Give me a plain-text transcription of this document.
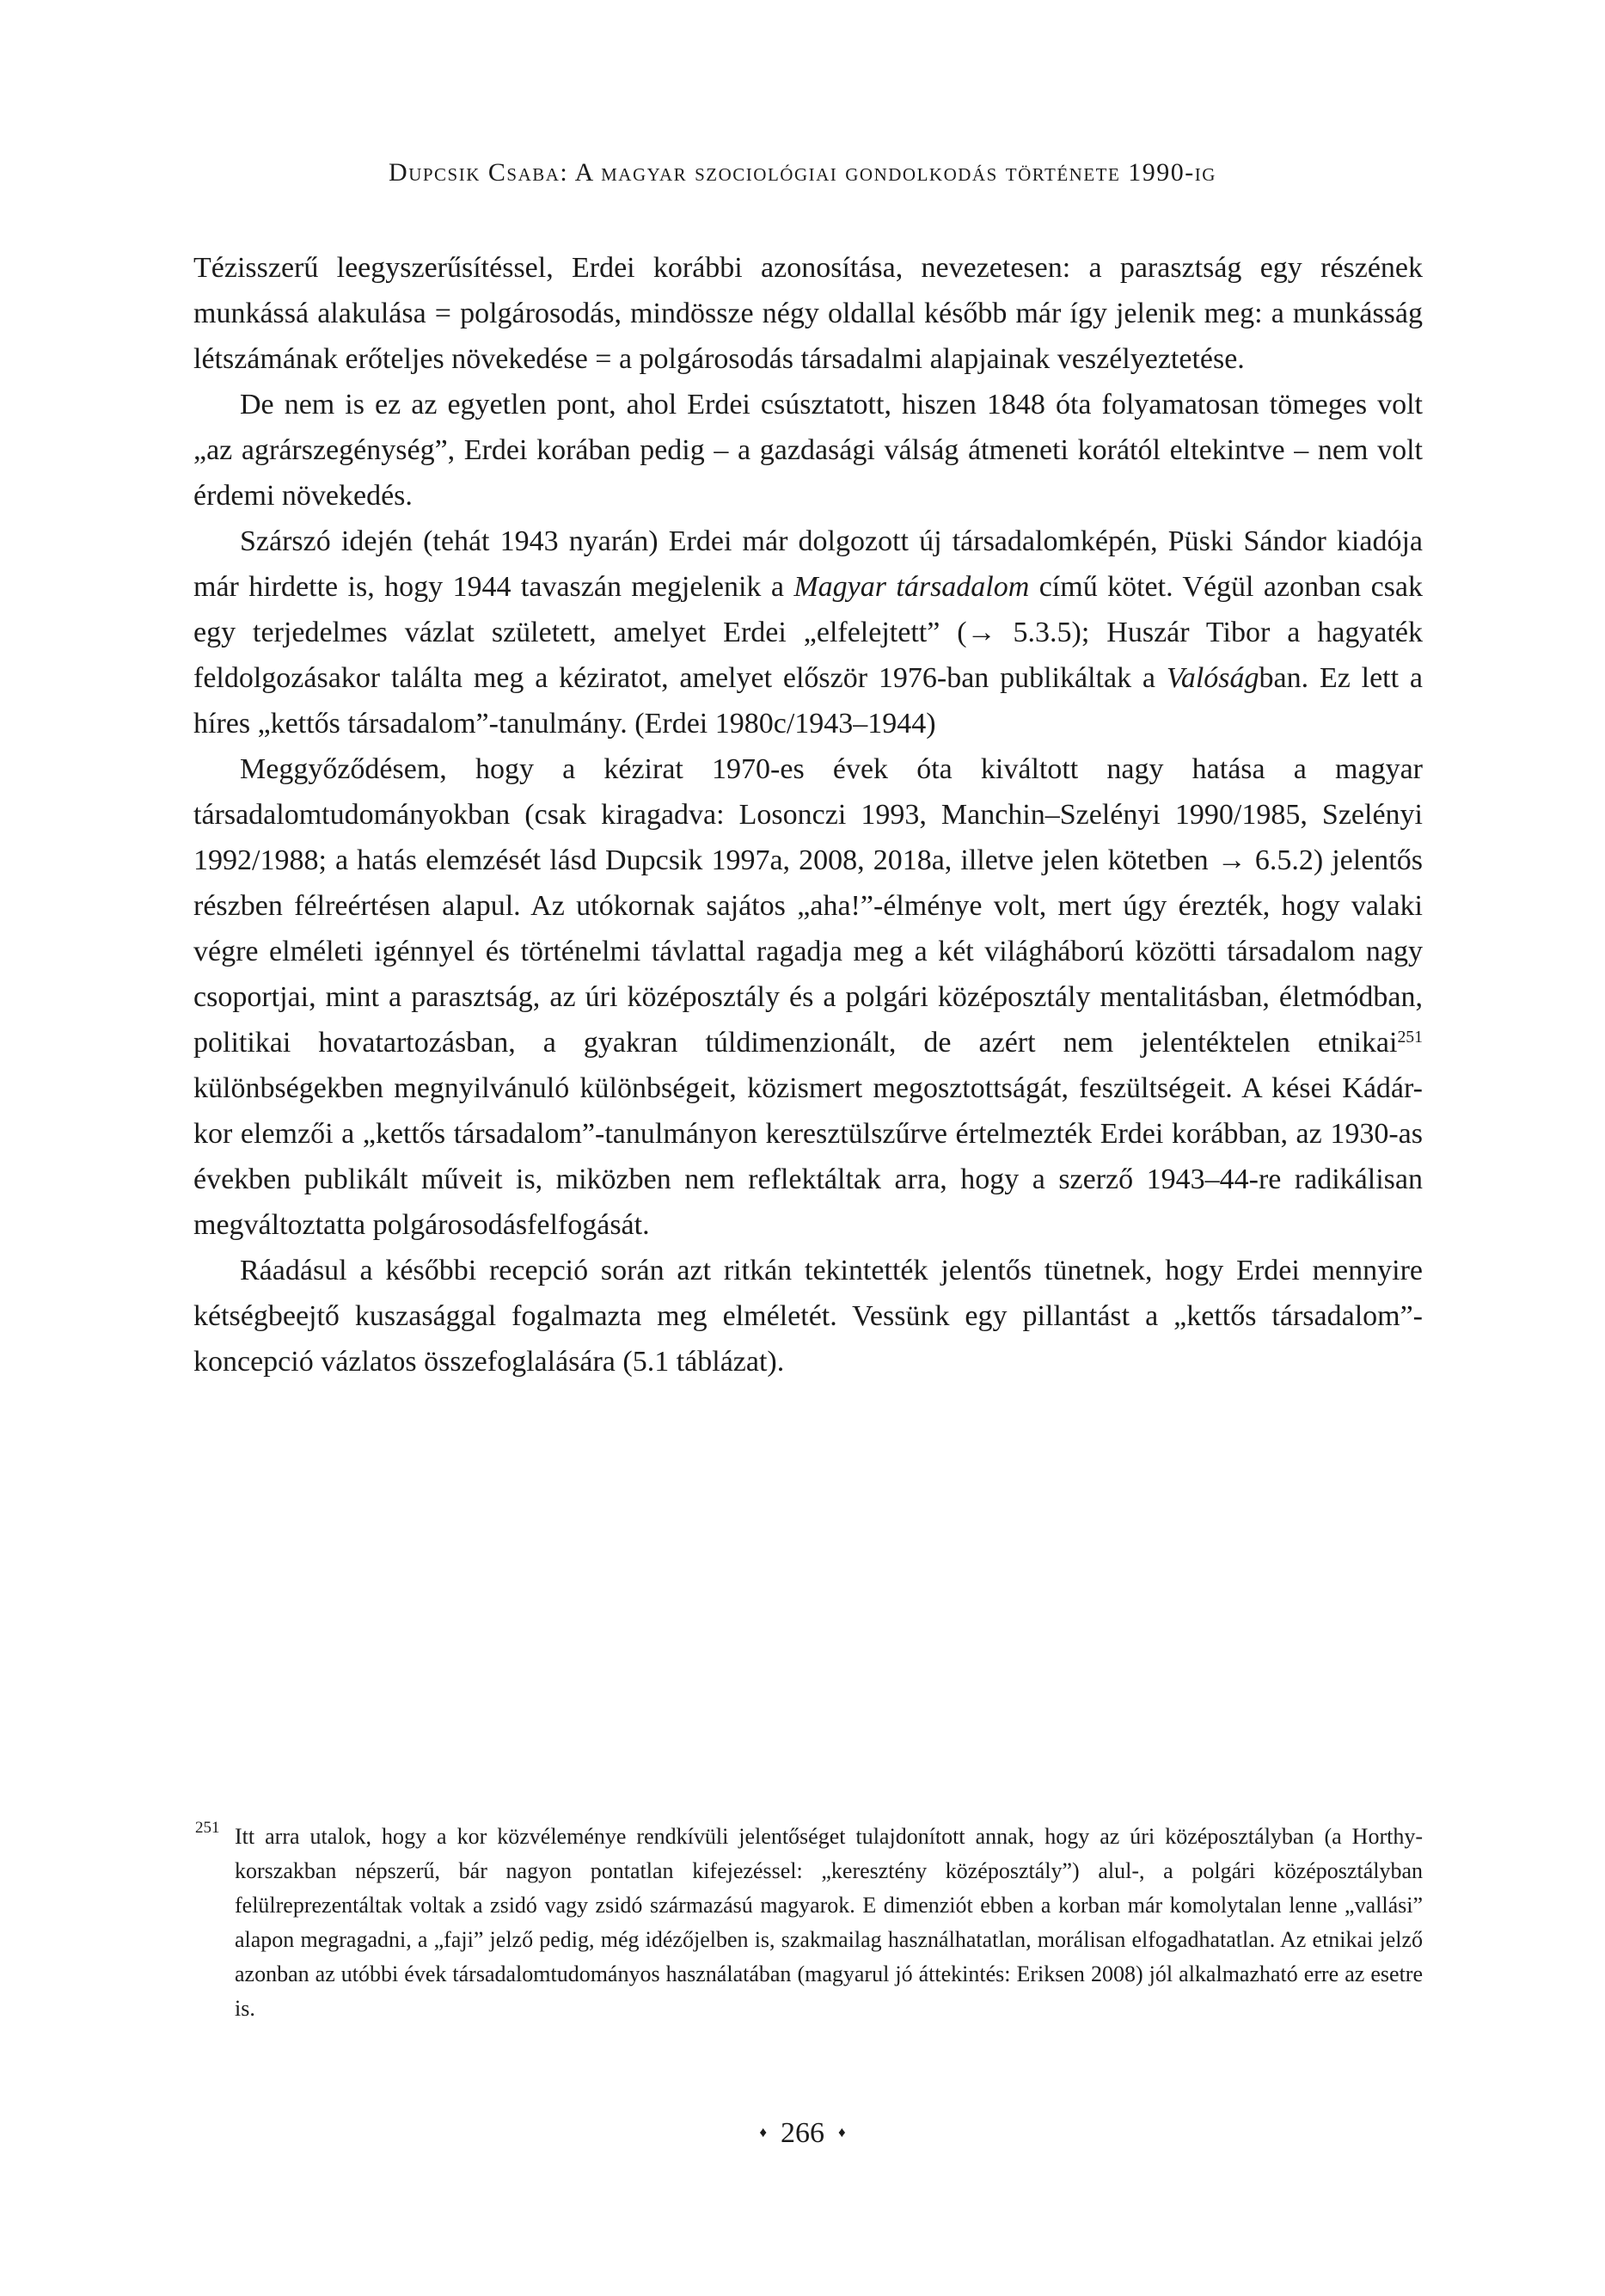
Dupcsik Csaba: A magyar szociológiai gondolkodás története 1990-ig

Tézisszerű leegyszerűsítéssel, Erdei korábbi azonosítása, nevezetesen: a parasztság egy részének munkássá alakulása = polgárosodás, mindössze négy oldallal később már így jelenik meg: a munkásság létszámának erőteljes növekedése = a polgárosodás társadalmi alapjainak veszélyeztetése.

De nem is ez az egyetlen pont, ahol Erdei csúsztatott, hiszen 1848 óta folyamatosan tömeges volt „az agrárszegénység”, Erdei korában pedig – a gazdasági válság átmeneti korától eltekintve – nem volt érdemi növekedés.

Szárszó idején (tehát 1943 nyarán) Erdei már dolgozott új társadalomképén, Püski Sándor kiadója már hirdette is, hogy 1944 tavaszán megjelenik a Magyar társadalom című kötet. Végül azonban csak egy terjedelmes vázlat született, amelyet Erdei „elfelejtett” (→ 5.3.5); Huszár Tibor a hagyaték feldolgozásakor találta meg a kéziratot, amelyet először 1976-ban publikáltak a Valóságban. Ez lett a híres „kettős társadalom”-tanulmány. (Erdei 1980c/1943–1944)

Meggyőződésem, hogy a kézirat 1970-es évek óta kiváltott nagy hatása a magyar társadalomtudományokban (csak kiragadva: Losonczi 1993, Manchin–Szelényi 1990/1985, Szelényi 1992/1988; a hatás elemzését lásd Dupcsik 1997a, 2008, 2018a, illetve jelen kötetben → 6.5.2) jelentős részben félreértésen alapul. Az utókornak sajátos „aha!”-élménye volt, mert úgy érezték, hogy valaki végre elméleti igénnyel és történelmi távlattal ragadja meg a két világháború közötti társadalom nagy csoportjai, mint a parasztság, az úri középosztály és a polgári középosztály mentalitásban, életmódban, politikai hovatartozásban, a gyakran túldimenzionált, de azért nem jelentéktelen etnikai$^{251}$ különbségekben megnyilvánuló különbségeit, közismert megosztottságát, feszültségeit. A kései Kádár-kor elemzői a „kettős társadalom”-tanulmányon keresztülszűrve értelmezték Erdei korábban, az 1930-as években publikált műveit is, miközben nem reflektáltak arra, hogy a szerző 1943–44-re radikálisan megváltoztatta polgárosodásfelfogását.

Ráadásul a későbbi recepció során azt ritkán tekintették jelentős tünetnek, hogy Erdei mennyire kétségbeejtő kuszasággal fogalmazta meg elméletét. Vessünk egy pillantást a „kettős társadalom”-koncepció vázlatos összefoglalására (5.1 táblázat).

251 Itt arra utalok, hogy a kor közvéleménye rendkívüli jelentőséget tulajdonított annak, hogy az úri középosztályban (a Horthy-korszakban népszerű, bár nagyon pontatlan kifejezéssel: „keresztény középosztály”) alul-, a polgári középosztályban felülreprezentáltak voltak a zsidó vagy zsidó származású magyarok. E dimenziót ebben a korban már komolytalan lenne „vallási” alapon megragadni, a „faji” jelző pedig, még idézőjelben is, szakmailag használhatatlan, morálisan elfogadhatatlan. Az etnikai jelző azonban az utóbbi évek társadalomtudományos használatában (magyarul jó áttekintés: Eriksen 2008) jól alkalmazható erre az esetre is.
♦ 266 ♦
